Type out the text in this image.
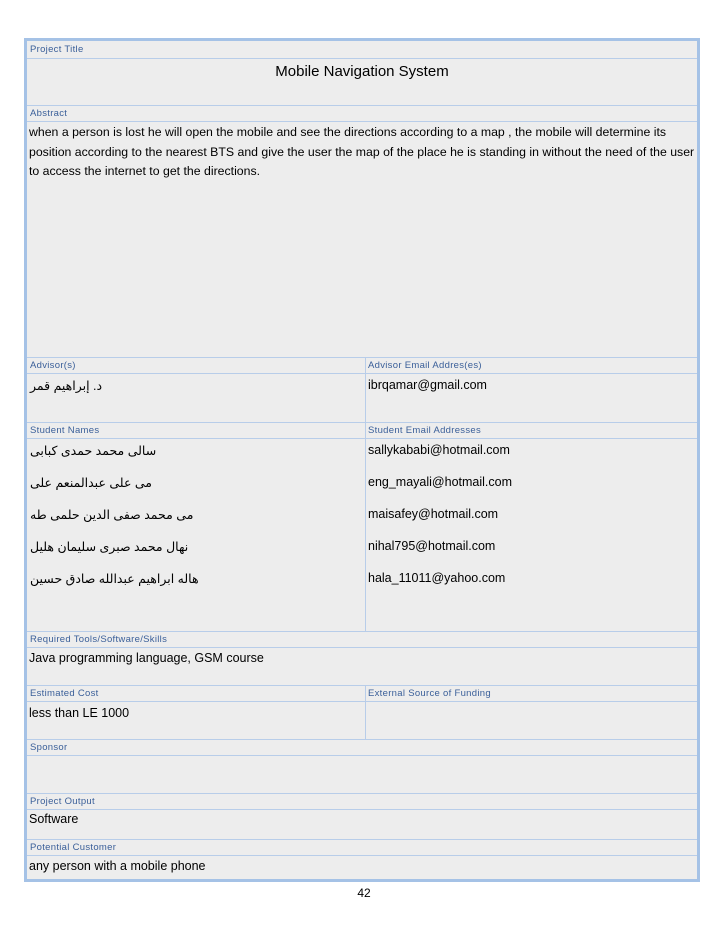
Project Title
Mobile Navigation System
Abstract
when a person is lost he will open the mobile and see the directions according to a map , the mobile will determine its position according to the nearest BTS and give the user the map of the place he is standing in without the need of the user to access the internet to get the directions.
Advisor(s)	Advisor Email Addres(es)
د. إبراهيم قمر	ibrqamar@gmail.com
Student Names	Student Email Addresses
سالى محمد حمدى كبابى	sallykababi@hotmail.com
مى على عبدالمنعم على	eng_mayali@hotmail.com
مى محمد صفى الدين حلمى طه	maisafey@hotmail.com
نهال محمد صبرى سليمان هليل	nihal795@hotmail.com
هاله ابراهيم عبدالله صادق حسين	hala_11011@yahoo.com
Required Tools/Software/Skills
Java programming language, GSM course
Estimated Cost	External Source of Funding
less than LE 1000
Sponsor
Project Output
Software
Potential Customer
any person with a mobile phone
42
